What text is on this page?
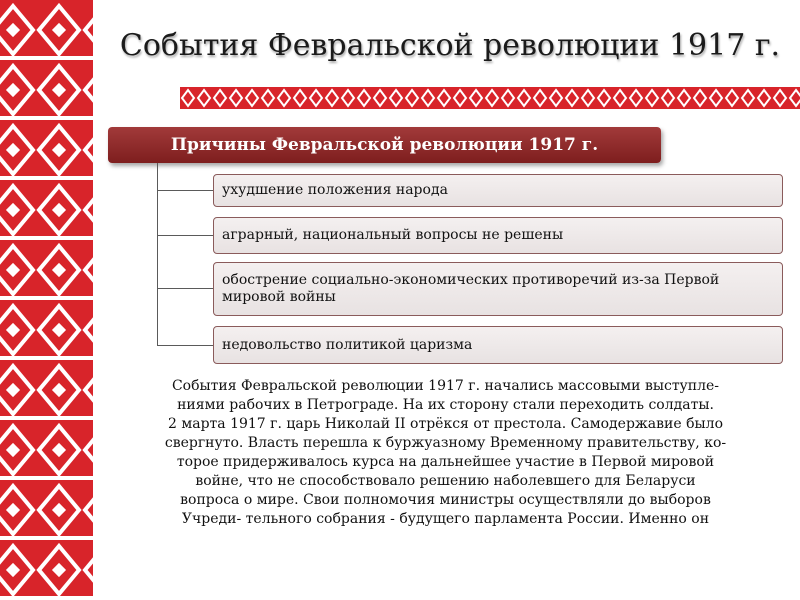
События Февральской революции 1917 г.
Причины Февральской революции 1917 г.
ухудшение положения народа
аграрный, национальный вопросы не решены
обострение социально-экономических противоречий из-за Первой мировой войны
недовольство политикой царизма
События Февральской революции 1917 г. начались массовыми выступле-
ниями рабочих в Петрограде. На их сторону стали переходить солдаты.
2 марта 1917 г. царь Николай II отрёкся от престола. Самодержавие было
свергнуто. Власть перешла к буржуазному Временному правительству, ко-
торое придерживалось курса на дальнейшее участие в Первой мировой
войне, что не способствовало решению наболевшего для Беларуси
вопроса о мире. Свои полномочия министры осуществляли до выборов
Учреди- тельного собрания - будущего парламента России. Именно он
